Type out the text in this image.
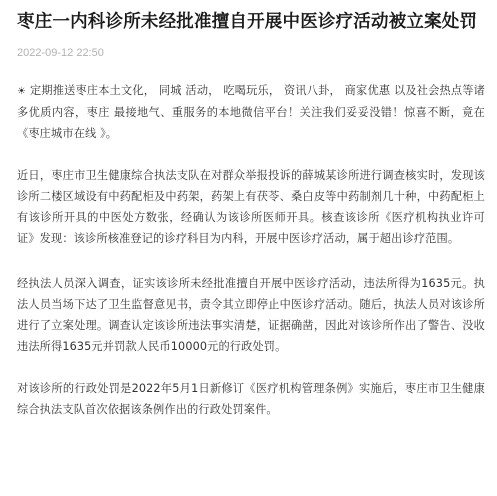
枣庄一内科诊所未经批准擅自开展中医诊疗活动被立案处罚
2022-09-12 22:50

☀ 定期推送枣庄本土文化， 同城 活动， 吃喝玩乐， 资讯八卦， 商家优惠 以及社会热点等诸多优质内容，枣庄 最接地气、重服务的本地微信平台！关注我们妥妥没错！惊喜不断，竟在《枣庄城市在线 》。

近日，枣庄市卫生健康综合执法支队在对群众举报投诉的薛城某诊所进行调查核实时，发现该诊所二楼区域设有中药配柜及中药架，药架上有茯苓、桑白皮等中药制剂几十种，中药配柜上有该诊所开具的中医处方数张，经确认为该诊所医师开具。核查该诊所《医疗机构执业许可证》发现：该诊所核准登记的诊疗科目为内科，开展中医诊疗活动，属于超出诊疗范围。

经执法人员深入调查，证实该诊所未经批准擅自开展中医诊疗活动，违法所得为1635元。执法人员当场下达了卫生监督意见书，责令其立即停止中医诊疗活动。随后，执法人员对该诊所进行了立案处理。调查认定该诊所违法事实清楚，证据确凿，因此对该诊所作出了警告、没收违法所得1635元并罚款人民币10000元的行政处罚。

对该诊所的行政处罚是2022年5月1日新修订《医疗机构管理条例》实施后，枣庄市卫生健康综合执法支队首次依据该条例作出的行政处罚案件。
